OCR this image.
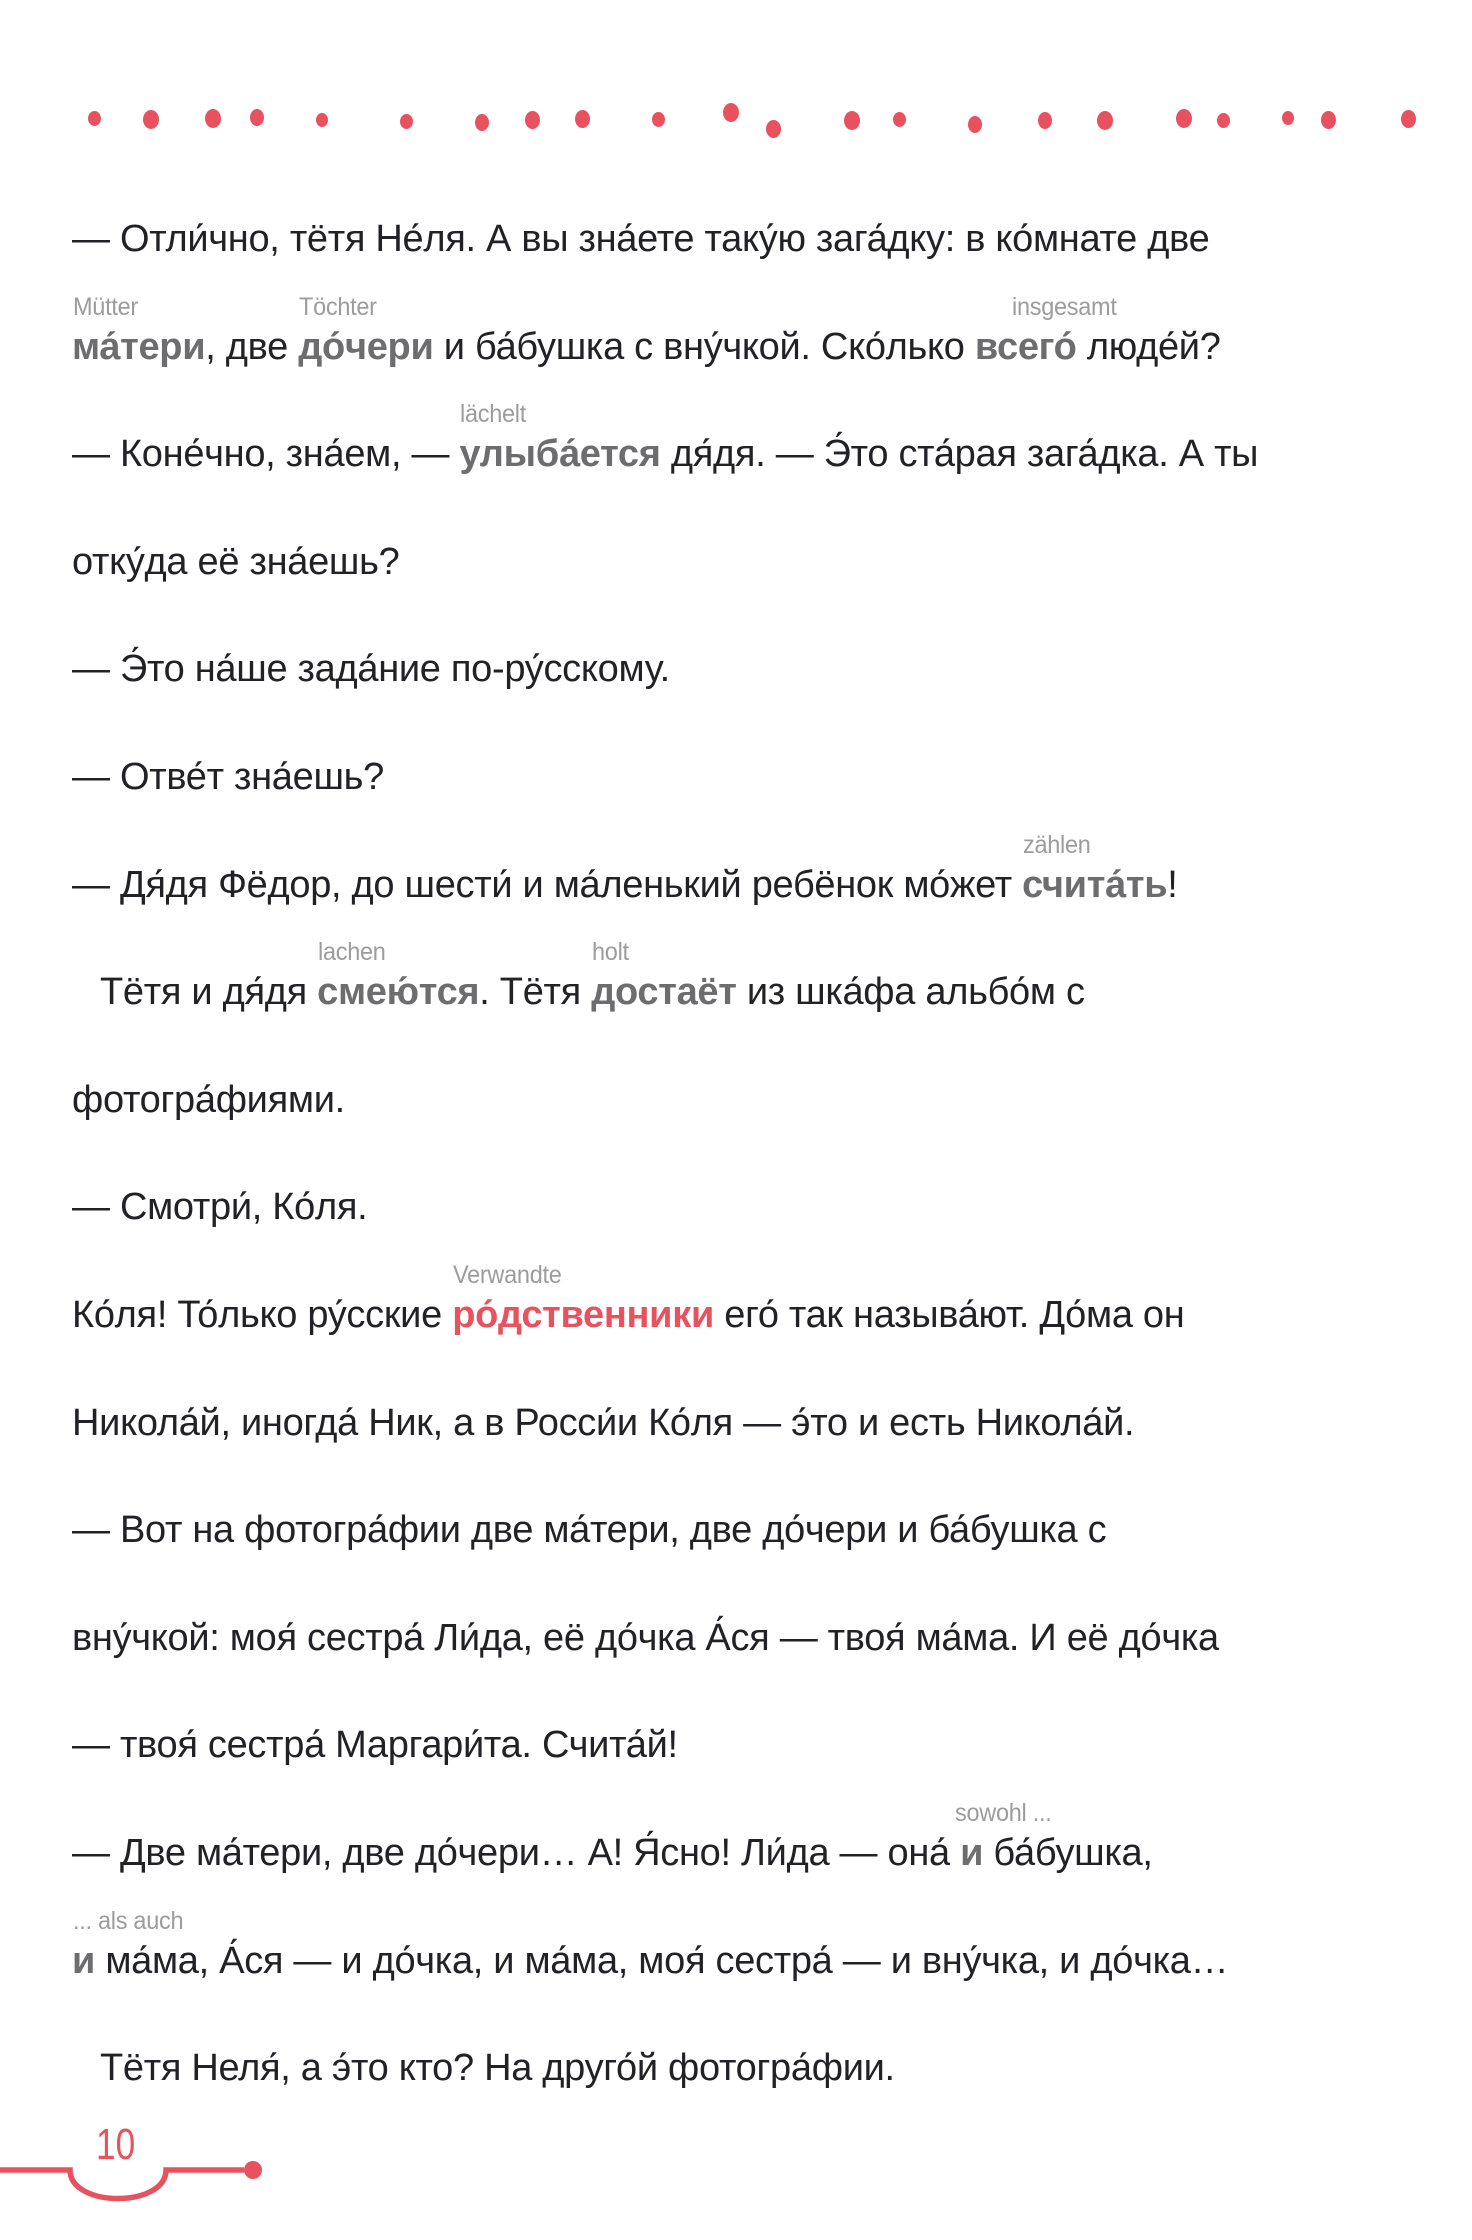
— Отли́чно, тётя Не́ля. А вы зна́ете таку́ю зага́дку: в ко́мнате две

Mütter
ма́тери, две
Töchter
до́чери и ба́бушка с вну́чкой. Ско́лько
insgesamt
всего́ люде́й?

— Коне́чно, зна́ем, —
lächelt
улыба́ется дя́дя. — Э́то ста́рая зага́дка. А ты

отку́да её зна́ешь?

— Э́то на́ше зада́ние по-ру́сскому.

— Отве́т зна́ешь?

— Дя́дя Фёдор, до шести́ и ма́ленький ребёнок мо́жет
zählen
счита́ть!

Тётя и дя́дя
lachen
смею́тся. Тётя
holt
достаёт из шка́фа альбо́м с

фотогра́фиями.

— Смотри́, Ко́ля.

Ко́ля! То́лько ру́сские
Verwandte
ро́дственники его́ так называ́ют. До́ма он

Никола́й, иногда́ Ник, а в Росси́и Ко́ля — э́то и есть Никола́й.

— Вот на фотогра́фии две ма́тери, две до́чери и ба́бушка с

вну́чкой: моя́ сестра́ Ли́да, её до́чка А́ся — твоя́ ма́ма. И её до́чка

— твоя́ сестра́ Маргари́та. Счита́й!

— Две ма́тери, две до́чери… А! Я́сно! Ли́да — она́
sowohl ...
и ба́бушка,

... als auch
и ма́ма, А́ся — и до́чка, и ма́ма, моя́ сестра́ — и вну́чка, и до́чка…

Тётя Неля́, а э́то кто? На друго́й фотогра́фии.

10
